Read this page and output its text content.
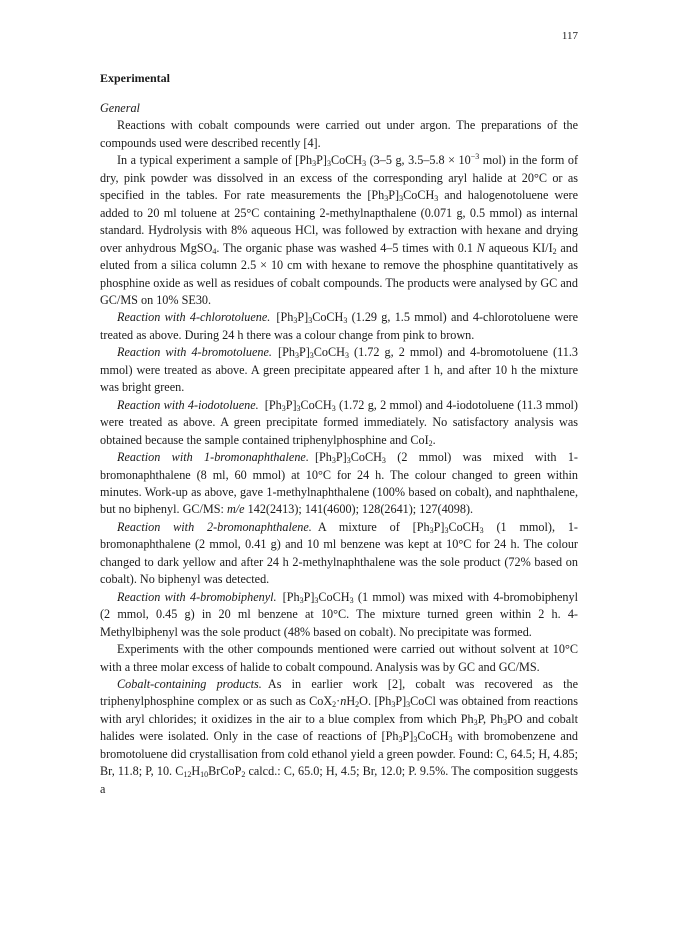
117
Experimental
General

Reactions with cobalt compounds were carried out under argon. The preparations of the compounds used were described recently [4].

In a typical experiment a sample of $[Ph_3P]_3CoCH_3$ (3–5 g, $3.5-5.8 \times 10^{-3}$ mol) in the form of dry, pink powder was dissolved in an excess of the corresponding aryl halide at 20°C or as specified in the tables. For rate measurements the $[Ph_3P]_3CoCH_3$ and halogenotoluene were added to 20 ml toluene at 25°C containing 2-methylnapthalene (0.071 g, 0.5 mmol) as internal standard. Hydrolysis with 8% aqueous HCl, was followed by extraction with hexane and drying over anhydrous MgSO$_4$. The organic phase was washed 4–5 times with 0.1 N aqueous $KI/I_2$ and eluted from a silica column 2.5 × 10 cm with hexane to remove the phosphine quantitatively as phosphine oxide as well as residues of cobalt compounds. The products were analysed by GC and GC/MS on 10% SE30.

Reaction with 4-chlorotoluene.  $[Ph_3P]_3CoCH_3$ (1.29 g, 1.5 mmol) and 4-chlorotoluene were treated as above. During 24 h there was a colour change from pink to brown.

Reaction with 4-bromotoluene.  $[Ph_3P]_3CoCH_3$ (1.72 g, 2 mmol) and 4-bromotoluene (11.3 mmol) were treated as above. A green precipitate appeared after 1 h, and after 10 h the mixture was bright green.

Reaction with 4-iodotoluene.  $[Ph_3P]_3CoCH_3$ (1.72 g, 2 mmol) and 4-iodotoluene (11.3 mmol) were treated as above. A green precipitate formed immediately. No satisfactory analysis was obtained because the sample contained triphenylphosphine and CoI$_2$.

Reaction with 1-bromonaphthalene.  $[Ph_3P]_3CoCH_3$ (2 mmol) was mixed with 1-bromonaphthalene (8 ml, 60 mmol) at 10°C for 24 h. The colour changed to green within minutes. Work-up as above, gave 1-methylnaphthalene (100% based on cobalt), and naphthalene, but no biphenyl. GC/MS: m/e 142(2413); 141(4600); 128(2641); 127(4098).

Reaction with 2-bromonaphthalene.  A mixture of $[Ph_3P]_3CoCH_3$ (1 mmol), 1-bromonaphthalene (2 mmol, 0.41 g) and 10 ml benzene was kept at 10°C for 24 h. The colour changed to dark yellow and after 24 h 2-methylnaphthalene was the sole product (72% based on cobalt). No biphenyl was detected.

Reaction with 4-bromobiphenyl.  $[Ph_3P]_3CoCH_3$ (1 mmol) was mixed with 4-bromobiphenyl (2 mmol, 0.45 g) in 20 ml benzene at 10°C. The mixture turned green within 2 h. 4-Methylbiphenyl was the sole product (48% based on cobalt). No precipitate was formed.

Experiments with the other compounds mentioned were carried out without solvent at 10°C with a three molar excess of halide to cobalt compound. Analysis was by GC and GC/MS.

Cobalt-containing products.  As in earlier work [2], cobalt was recovered as the triphenylphosphine complex or as such as $CoX_2\cdot nH_2O$. $[Ph_3P]_3CoCl$ was obtained from reactions with aryl chlorides; it oxidizes in the air to a blue complex from which $Ph_3P$, $Ph_3PO$ and cobalt halides were isolated. Only in the case of reactions of $[Ph_3P]_3CoCH_3$ with bromobenzene and bromotoluene did crystallisation from cold ethanol yield a green powder. Found: C, 64.5; H, 4.85; Br, 11.8; P, 10. $C_{12}H_{10}BrCoP_2$ calcd.: C, 65.0; H, 4.5; Br, 12.0; P. 9.5%. The composition suggests a
